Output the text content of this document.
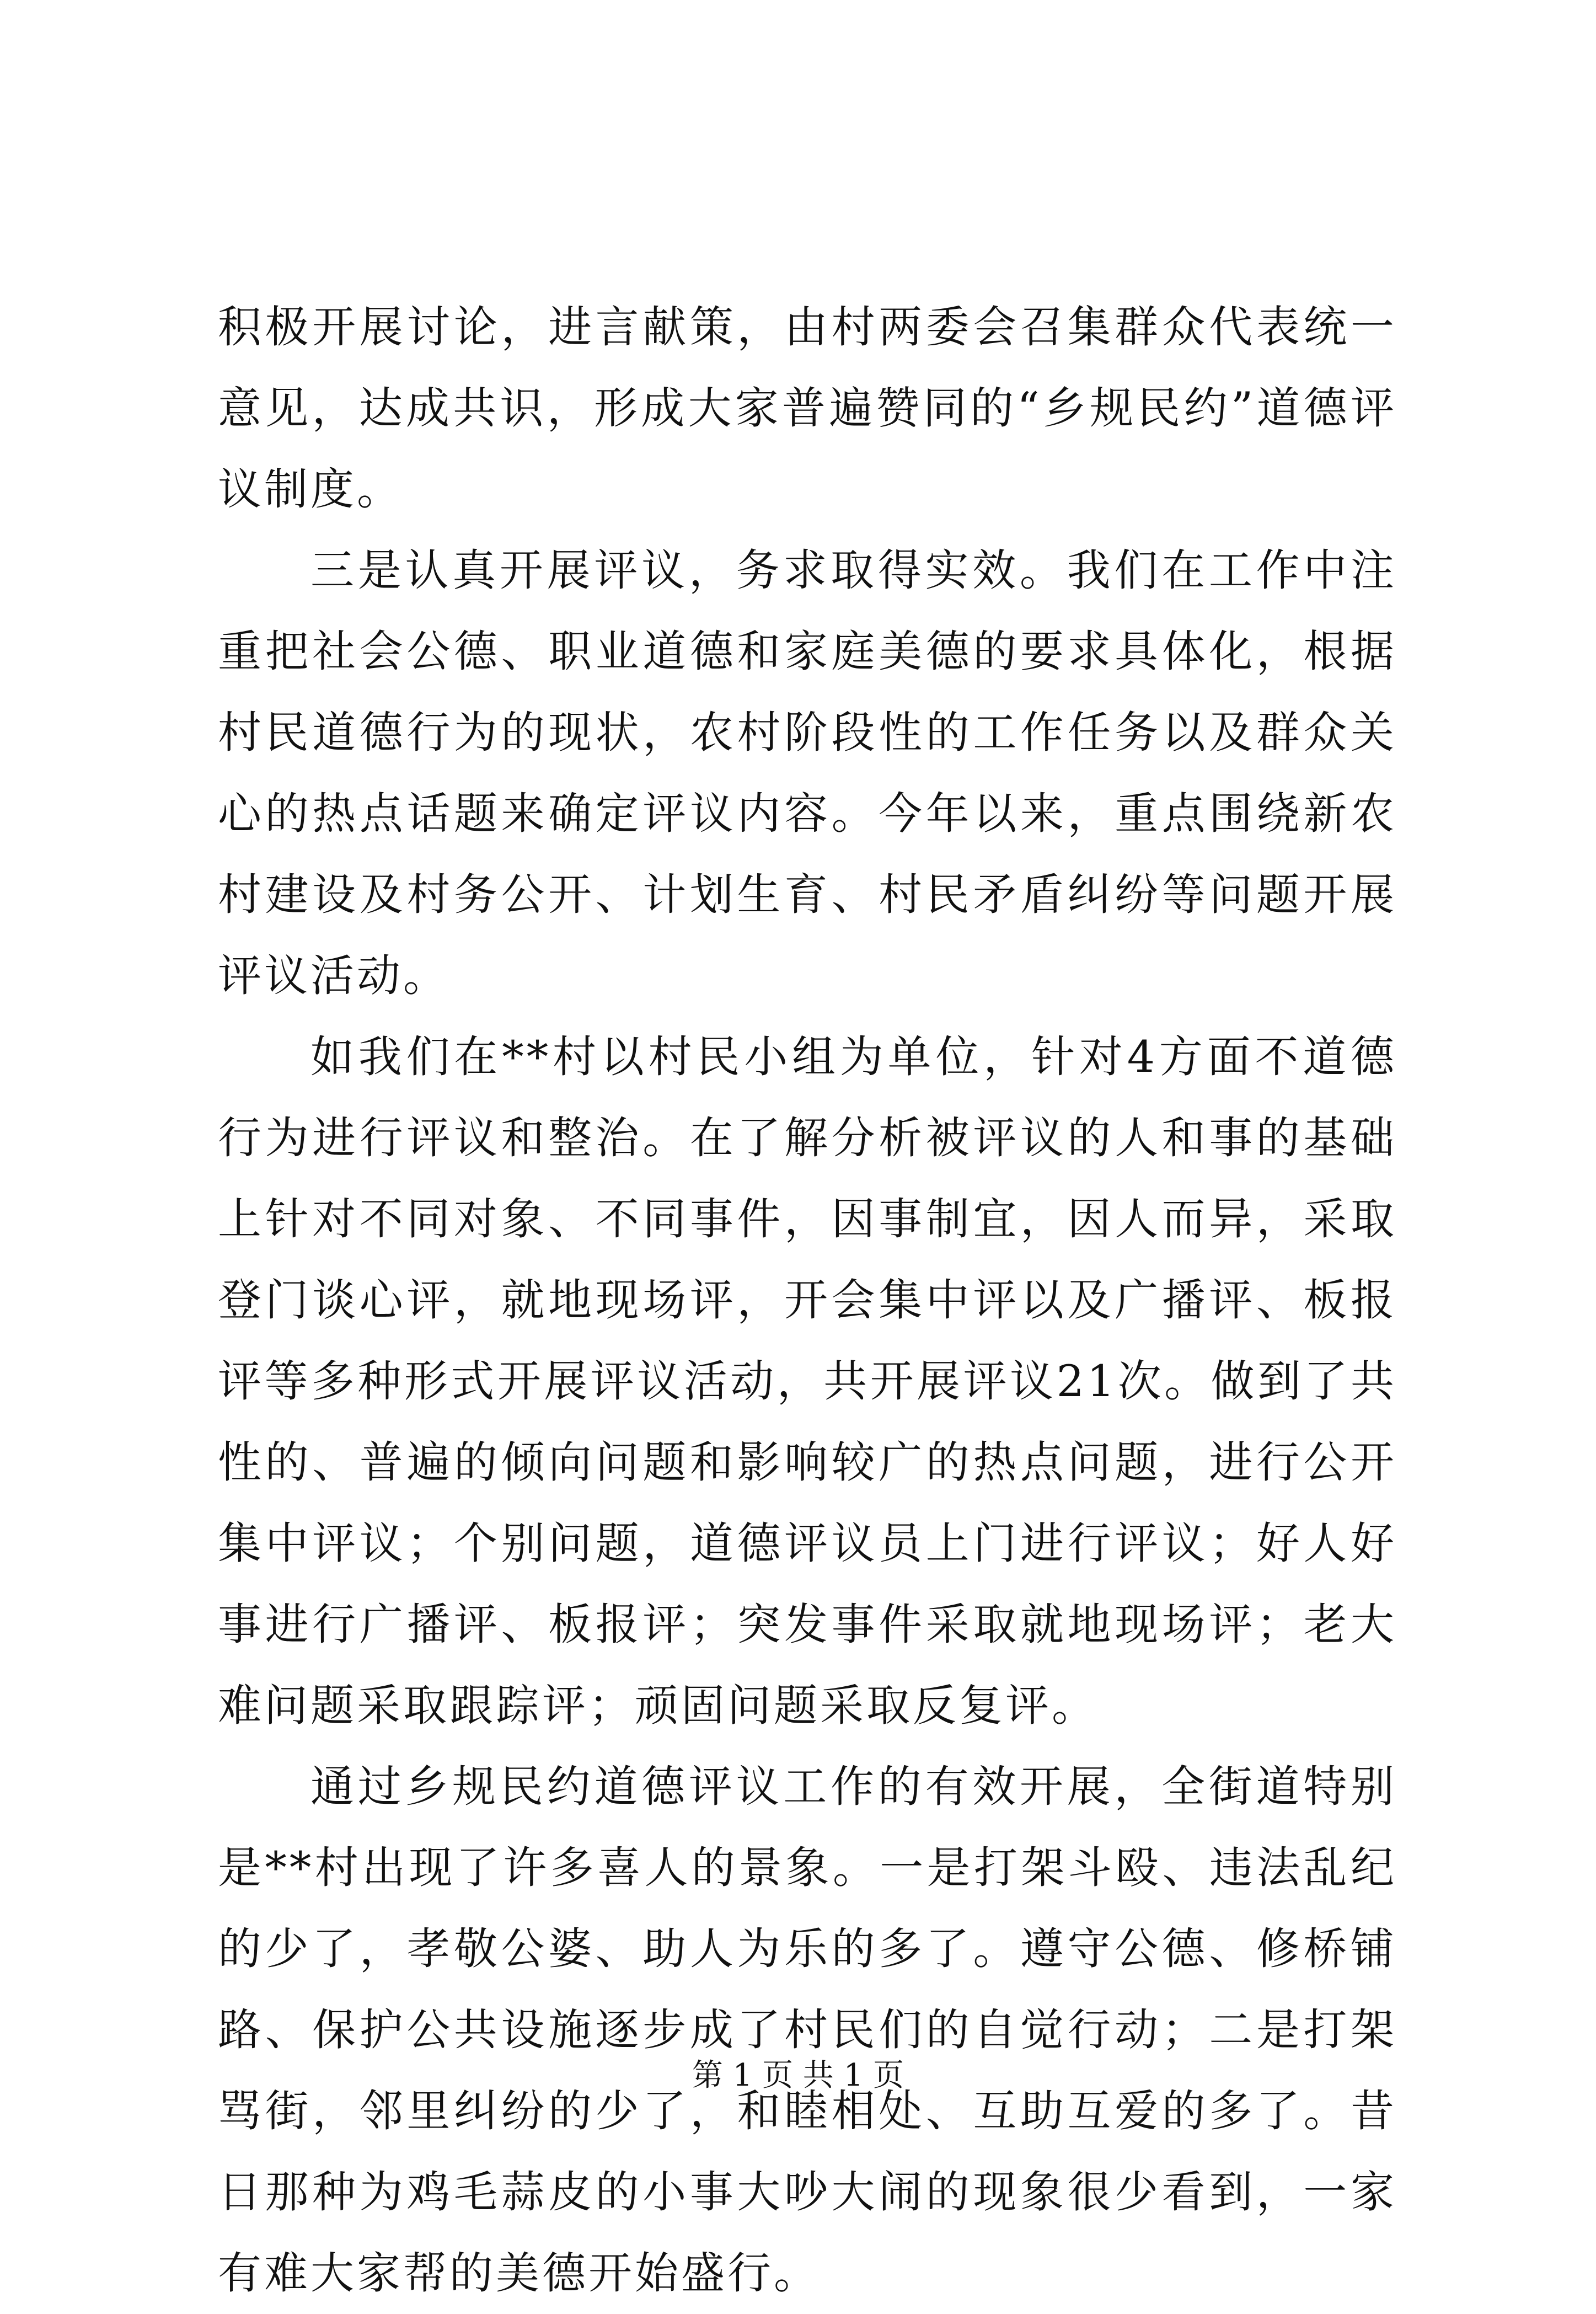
积极开展讨论，进言献策，由村两委会召集群众代表统一意见，达成共识，形成大家普遍赞同的“乡规民约”道德评议制度。

三是认真开展评议，务求取得实效。我们在工作中注重把社会公德、职业道德和家庭美德的要求具体化，根据村民道德行为的现状，农村阶段性的工作任务以及群众关心的热点话题来确定评议内容。今年以来，重点围绕新农村建设及村务公开、计划生育、村民矛盾纠纷等问题开展评议活动。

如我们在**村以村民小组为单位，针对4方面不道德行为进行评议和整治。在了解分析被评议的人和事的基础上针对不同对象、不同事件，因事制宜，因人而异，采取登门谈心评，就地现场评，开会集中评以及广播评、板报评等多种形式开展评议活动，共开展评议21次。做到了共性的、普遍的倾向问题和影响较广的热点问题，进行公开集中评议；个别问题，道德评议员上门进行评议；好人好事进行广播评、板报评；突发事件采取就地现场评；老大难问题采取跟踪评；顽固问题采取反复评。

通过乡规民约道德评议工作的有效开展，全街道特别是**村出现了许多喜人的景象。一是打架斗殴、违法乱纪的少了，孝敬公婆、助人为乐的多了。遵守公德、修桥铺路、保护公共设施逐步成了村民们的自觉行动；二是打架骂街，邻里纠纷的少了，和睦相处、互助互爱的多了。昔日那种为鸡毛蒜皮的小事大吵大闹的现象很少看到，一家有难大家帮的美德开始盛行。

第 1 页 共 1 页
